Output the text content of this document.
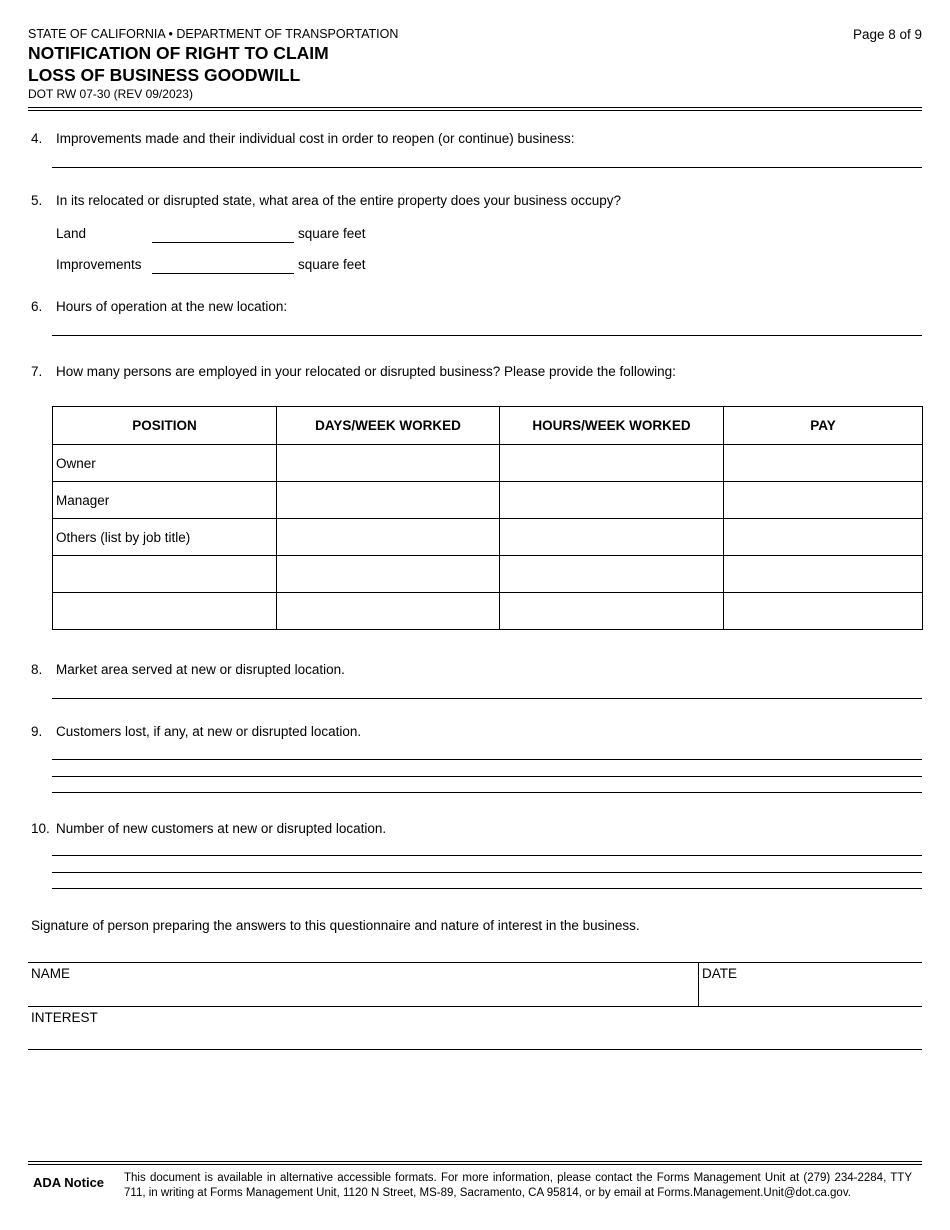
STATE OF CALIFORNIA • DEPARTMENT OF TRANSPORTATION
NOTIFICATION OF RIGHT TO CLAIM
LOSS OF BUSINESS GOODWILL
DOT RW 07-30 (REV 09/2023)
Page 8 of 9
4. Improvements made and their individual cost in order to reopen (or continue) business:
5. In its relocated or disrupted state, what area of the entire property does your business occupy?
Land	square feet
Improvements	square feet
6. Hours of operation at the new location:
7. How many persons are employed in your relocated or disrupted business? Please provide the following:
POSITION	DAYS/WEEK WORKED	HOURS/WEEK WORKED	PAY
Owner			
Manager			
Others (list by job title)			

8. Market area served at new or disrupted location.
9. Customers lost, if any, at new or disrupted location.
10. Number of new customers at new or disrupted location.
Signature of person preparing the answers to this questionnaire and nature of interest in the business.
NAME	DATE
INTEREST
ADA Notice This document is available in alternative accessible formats. For more information, please contact the Forms Management Unit at (279) 234-2284, TTY 711, in writing at Forms Management Unit, 1120 N Street, MS-89, Sacramento, CA 95814, or by email at Forms.Management.Unit@dot.ca.gov.
